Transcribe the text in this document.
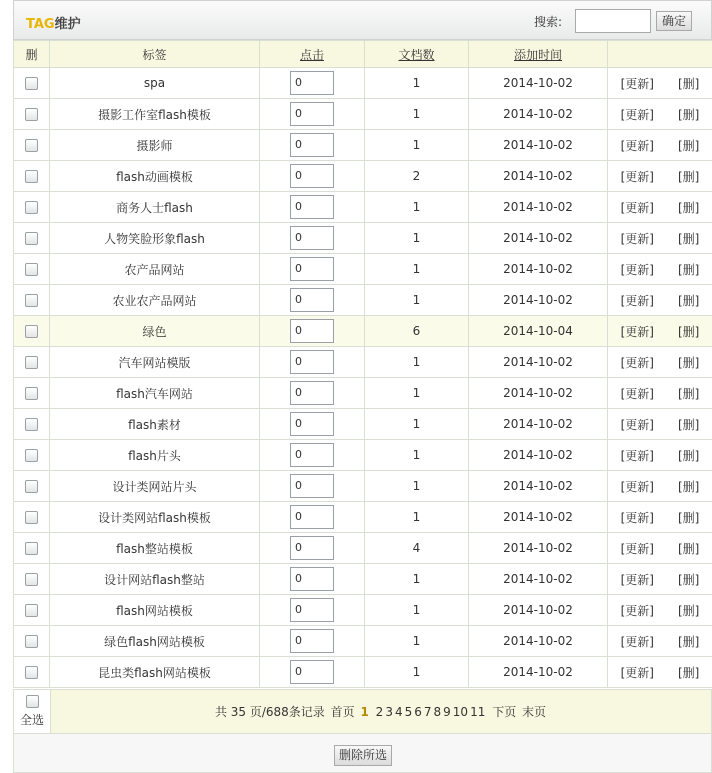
TAG维护	搜索:	确定
删	标签	点击	文档数	添加时间	
	spa	0	1	2014-10-02	[更新] [删]
	摄影工作室flash模板	0	1	2014-10-02	[更新] [删]
	摄影师	0	1	2014-10-02	[更新] [删]
	flash动画模板	0	2	2014-10-02	[更新] [删]
	商务人士flash	0	1	2014-10-02	[更新] [删]
	人物笑脸形象flash	0	1	2014-10-02	[更新] [删]
	农产品网站	0	1	2014-10-02	[更新] [删]
	农业农产品网站	0	1	2014-10-02	[更新] [删]
	绿色	0	6	2014-10-04	[更新] [删]
	汽车网站模版	0	1	2014-10-02	[更新] [删]
	flash汽车网站	0	1	2014-10-02	[更新] [删]
	flash素材	0	1	2014-10-02	[更新] [删]
	flash片头	0	1	2014-10-02	[更新] [删]
	设计类网站片头	0	1	2014-10-02	[更新] [删]
	设计类网站flash模板	0	1	2014-10-02	[更新] [删]
	flash整站模板	0	4	2014-10-02	[更新] [删]
	设计网站flash整站	0	1	2014-10-02	[更新] [删]
	flash网站模板	0	1	2014-10-02	[更新] [删]
	绿色flash网站模板	0	1	2014-10-02	[更新] [删]
	昆虫类flash网站模板	0	1	2014-10-02	[更新] [删]
全选
共 35 页/688条记录 首页 1 2 3 4 5 6 7 8 9 10 11 下页 末页
删除所选
